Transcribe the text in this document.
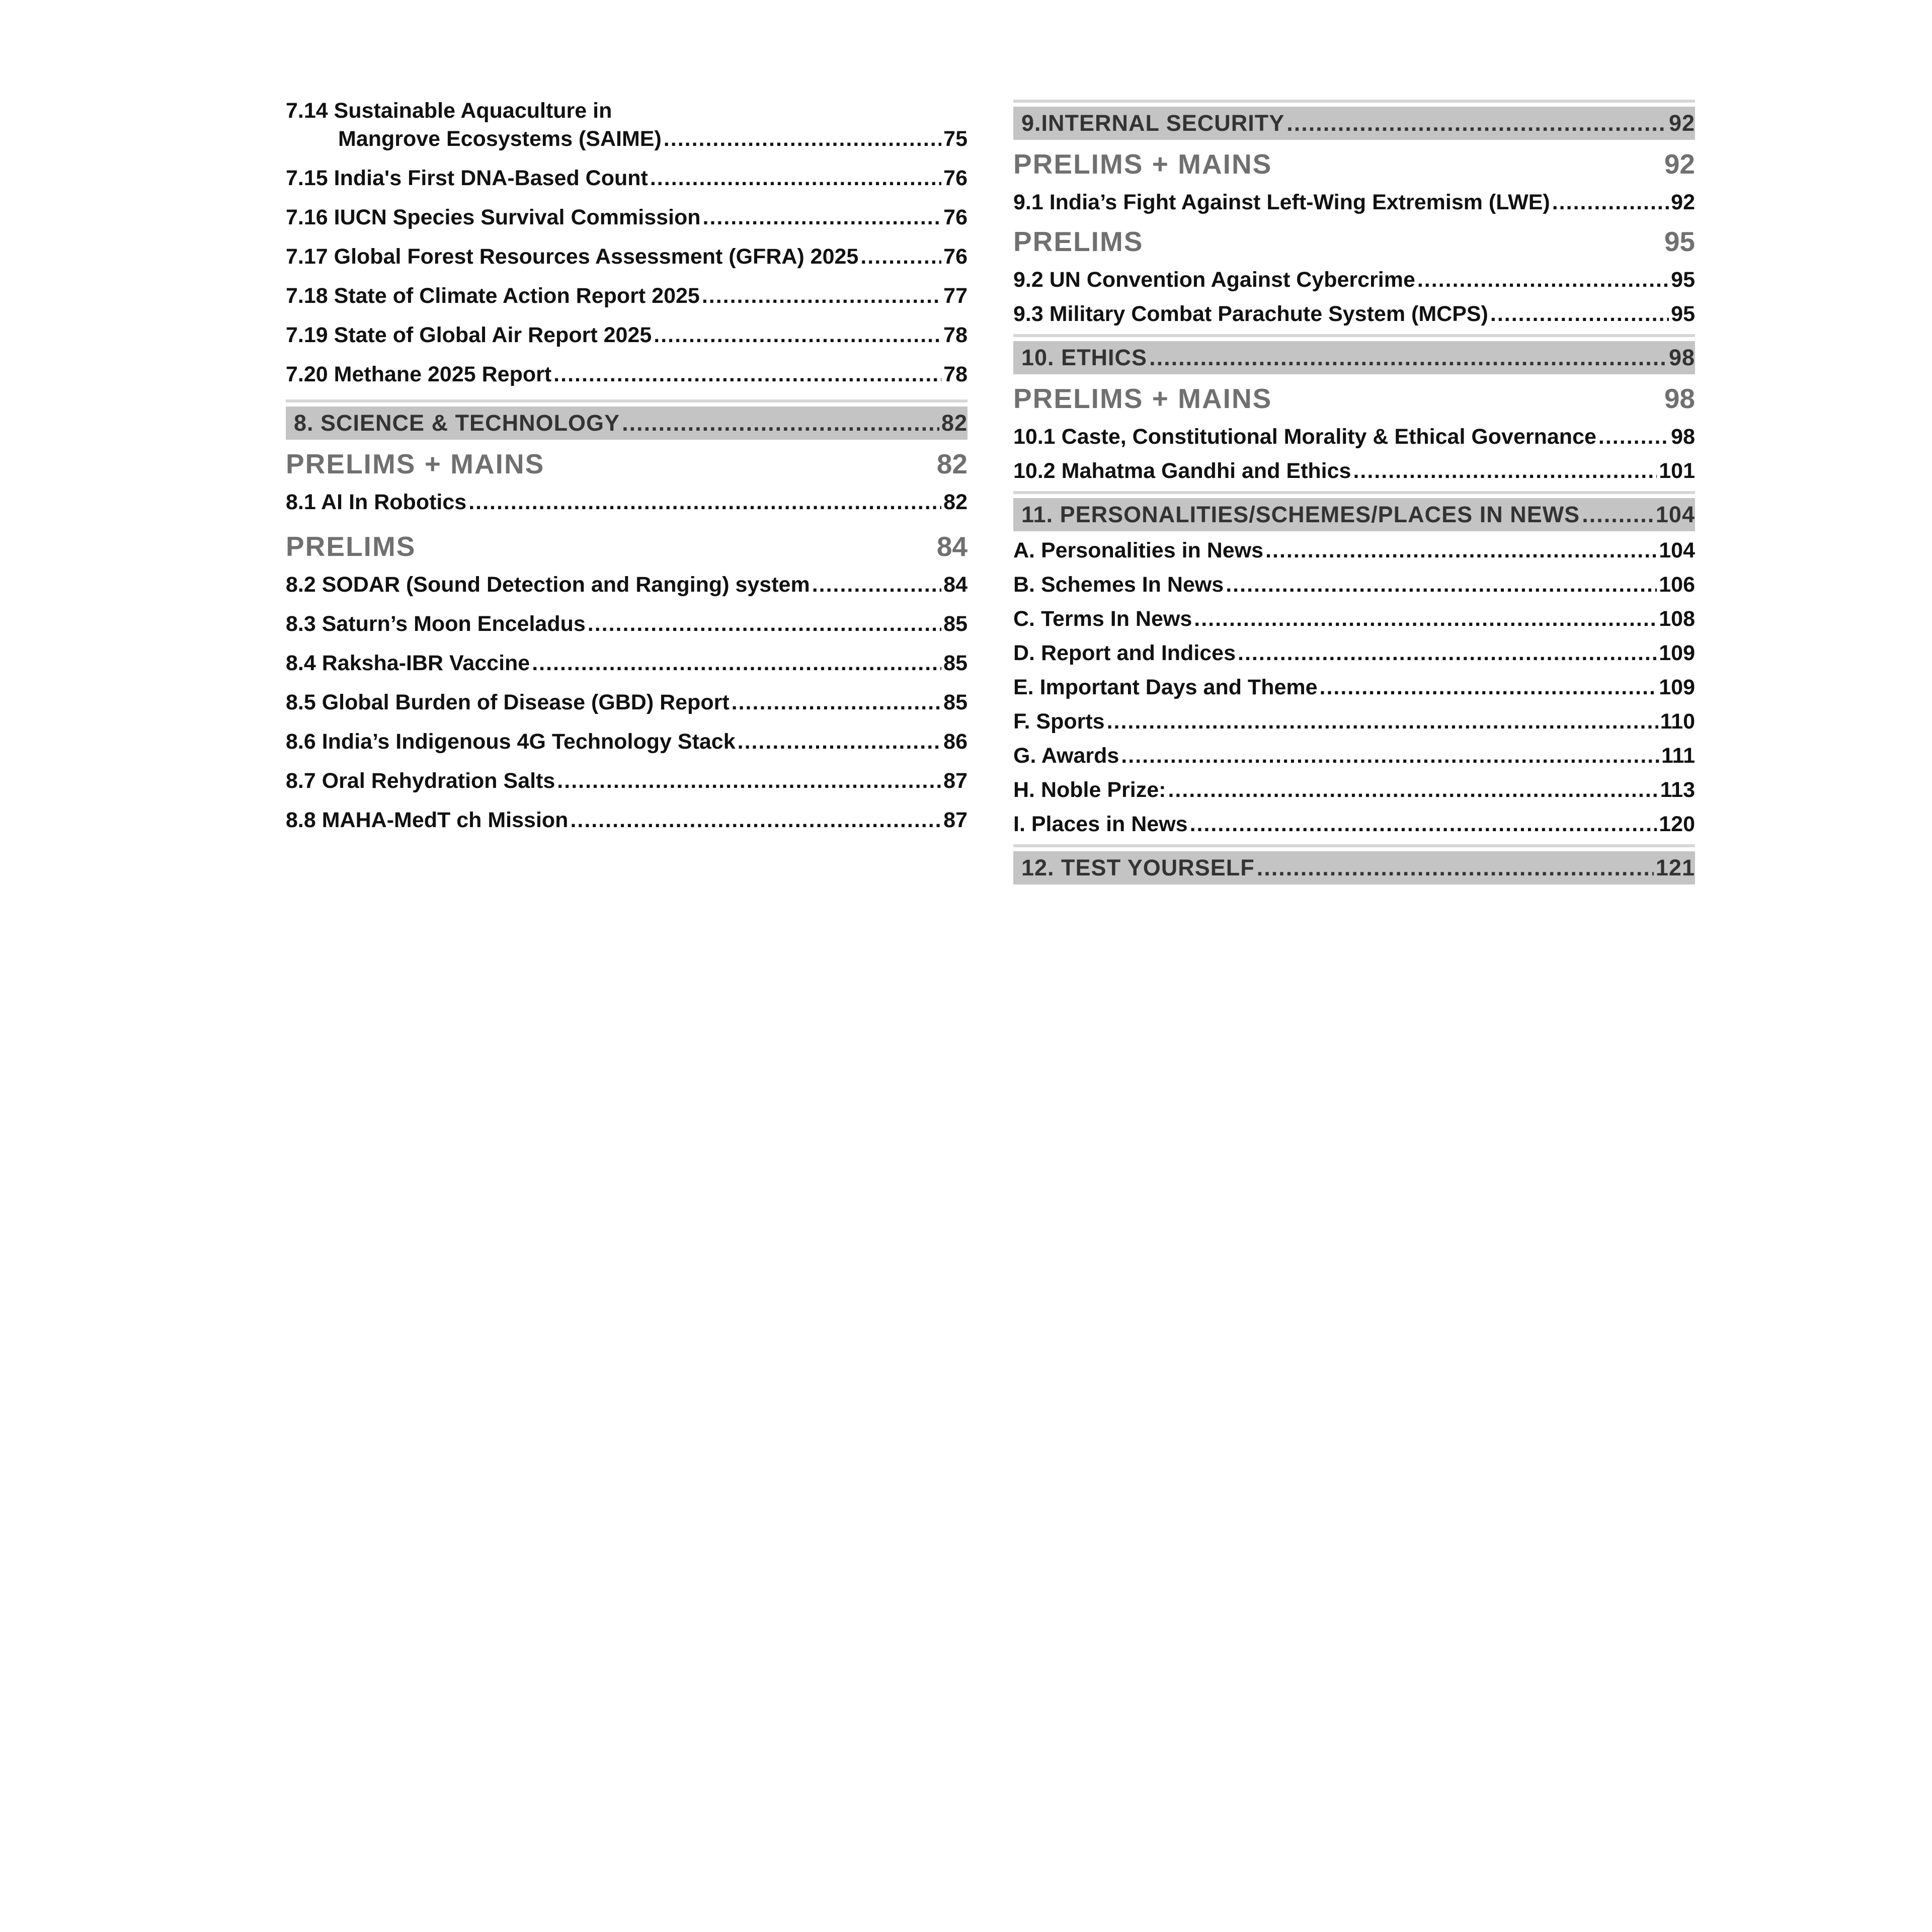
7.14 Sustainable Aquaculture in
Mangrove Ecosystems (SAIME) .....	75
7.15 India's First DNA-Based Count .....	76
7.16 IUCN Species Survival Commission .....	76
7.17 Global Forest Resources Assessment (GFRA) 2025 .....	76
7.18 State of Climate Action Report 2025 .....	77
7.19 State of Global Air Report 2025 .....	78
7.20 Methane 2025 Report .....	78
8. SCIENCE & TECHNOLOGY .....	82
PRELIMS + MAINS	82
8.1 AI In Robotics .....	82
PRELIMS	84
8.2 SODAR (Sound Detection and Ranging) system .....	84
8.3 Saturn’s Moon Enceladus .....	85
8.4 Raksha-IBR Vaccine .....	85
8.5 Global Burden of Disease (GBD) Report .....	85
8.6 India’s Indigenous 4G Technology Stack .....	86
8.7 Oral Rehydration Salts .....	87
8.8 MAHA-MedT ch Mission .....	87
9.INTERNAL SECURITY .....	92
PRELIMS + MAINS	92
9.1 India’s Fight Against Left-Wing Extremism (LWE) .....	92
PRELIMS	95
9.2 UN Convention Against Cybercrime .....	95
9.3 Military Combat Parachute System (MCPS) .....	95
10. ETHICS .....	98
PRELIMS + MAINS	98
10.1 Caste, Constitutional Morality & Ethical Governance .....	98
10.2 Mahatma Gandhi and Ethics .....	101
11. PERSONALITIES/SCHEMES/PLACES IN NEWS .....	104
A. Personalities in News .....	104
B. Schemes In News .....	106
C. Terms In News .....	108
D. Report and Indices .....	109
E. Important Days and Theme .....	109
F. Sports .....	110
G. Awards .....	111
H. Noble Prize: .....	113
I. Places in News .....	120
12. TEST YOURSELF .....	121
